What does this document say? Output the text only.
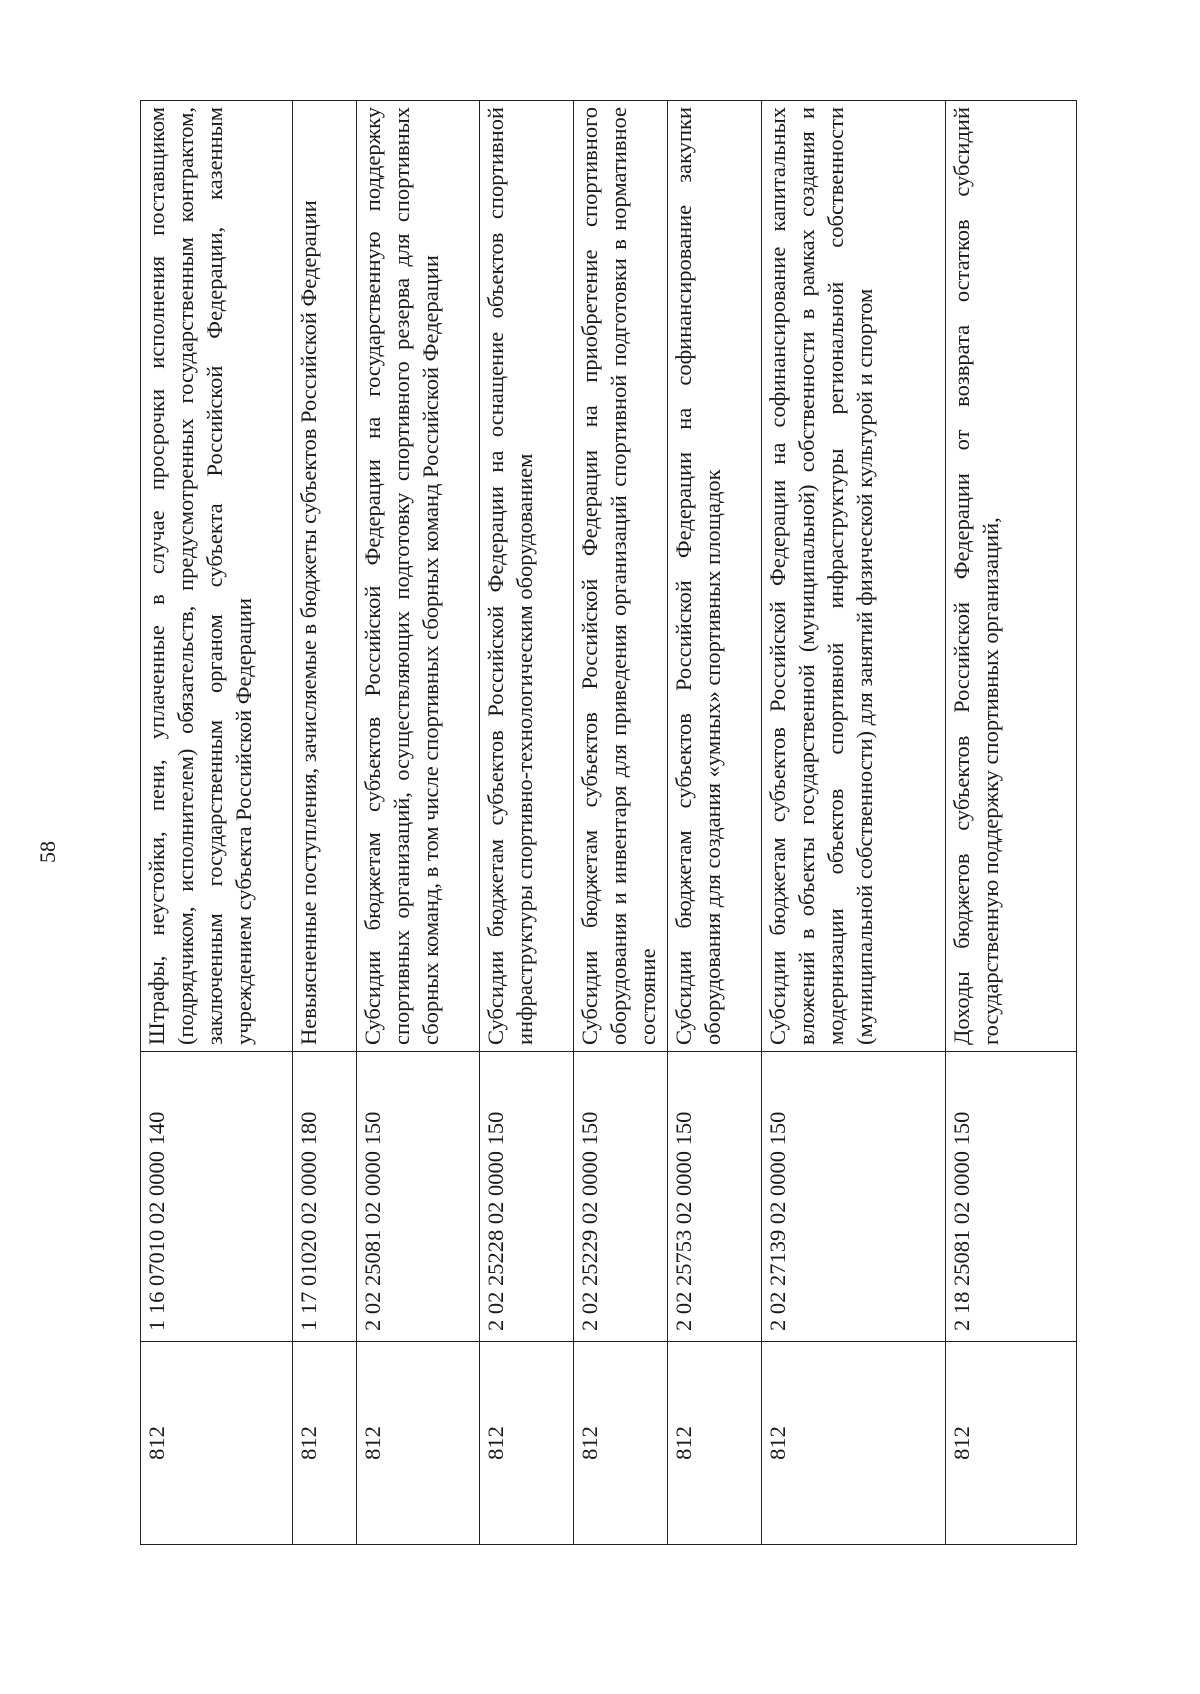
58
812	1 16 07010 02 0000 140	Штрафы, неустойки, пени, уплаченные в случае просрочки исполнения поставщиком (подрядчиком, исполнителем) обязательств, предусмотренных государственным контрактом, заключенным государственным органом субъекта Российской Федерации, казенным учреждением субъекта Российской Федерации
812	1 17 01020 02 0000 180	Невыясненные поступления, зачисляемые в бюджеты субъектов Российской Федерации
812	2 02 25081 02 0000 150	Субсидии бюджетам субъектов Российской Федерации на государственную поддержку спортивных организаций, осуществляющих подготовку спортивного резерва для спортивных сборных команд, в том числе спортивных сборных команд Российской Федерации
812	2 02 25228 02 0000 150	Субсидии бюджетам субъектов Российской Федерации на оснащение объектов спортивной инфраструктуры спортивно-технологическим оборудованием
812	2 02 25229 02 0000 150	Субсидии бюджетам субъектов Российской Федерации на приобретение спортивного оборудования и инвентаря для приведения организаций спортивной подготовки в нормативное состояние
812	2 02 25753 02 0000 150	Субсидии бюджетам субъектов Российской Федерации на софинансирование закупки оборудования для создания «умных» спортивных площадок
812	2 02 27139 02 0000 150	Субсидии бюджетам субъектов Российской Федерации на софинансирование капитальных вложений в объекты государственной (муниципальной) собственности в рамках создания и модернизации объектов спортивной инфраструктуры региональной собственности (муниципальной собственности) для занятий физической культурой и спортом
812	2 18 25081 02 0000 150	Доходы бюджетов субъектов Российской Федерации от возврата остатков субсидий государственную поддержку спортивных организаций,
